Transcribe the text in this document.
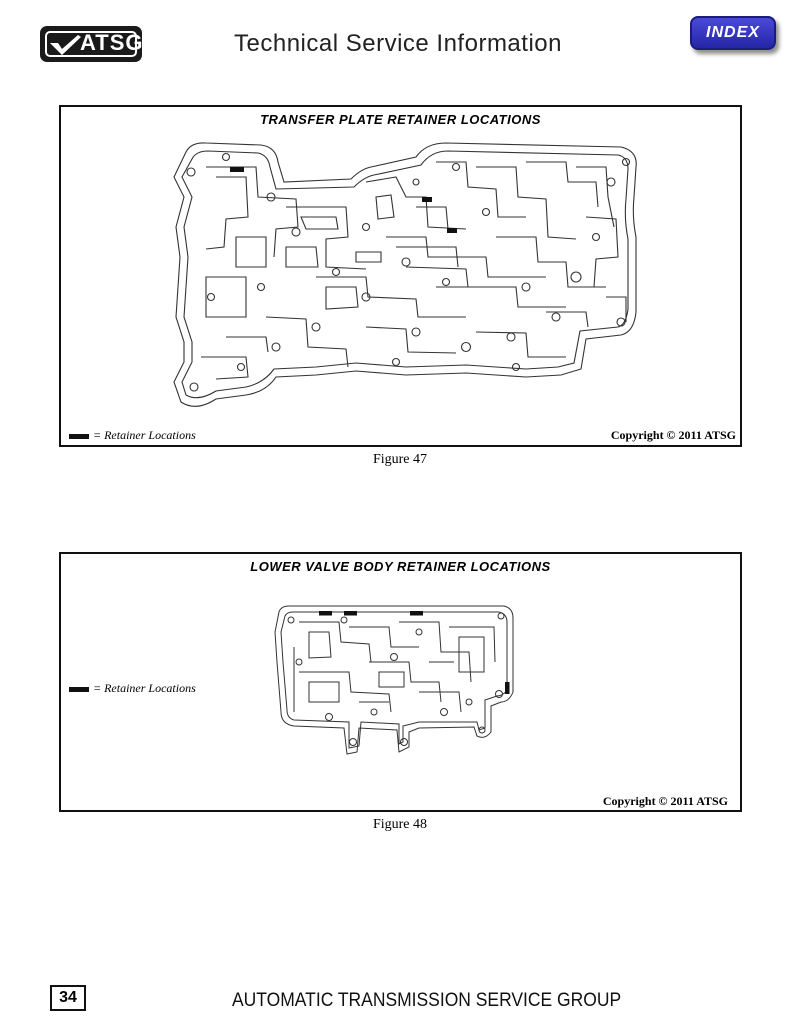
ATSG	Technical Service Information	INDEX
TRANSFER PLATE RETAINER LOCATIONS
= Retainer Locations	Copyright © 2011 ATSG
Figure 47
LOWER VALVE BODY RETAINER LOCATIONS
= Retainer Locations
Copyright © 2011 ATSG
Figure 48
34	AUTOMATIC TRANSMISSION SERVICE GROUP
